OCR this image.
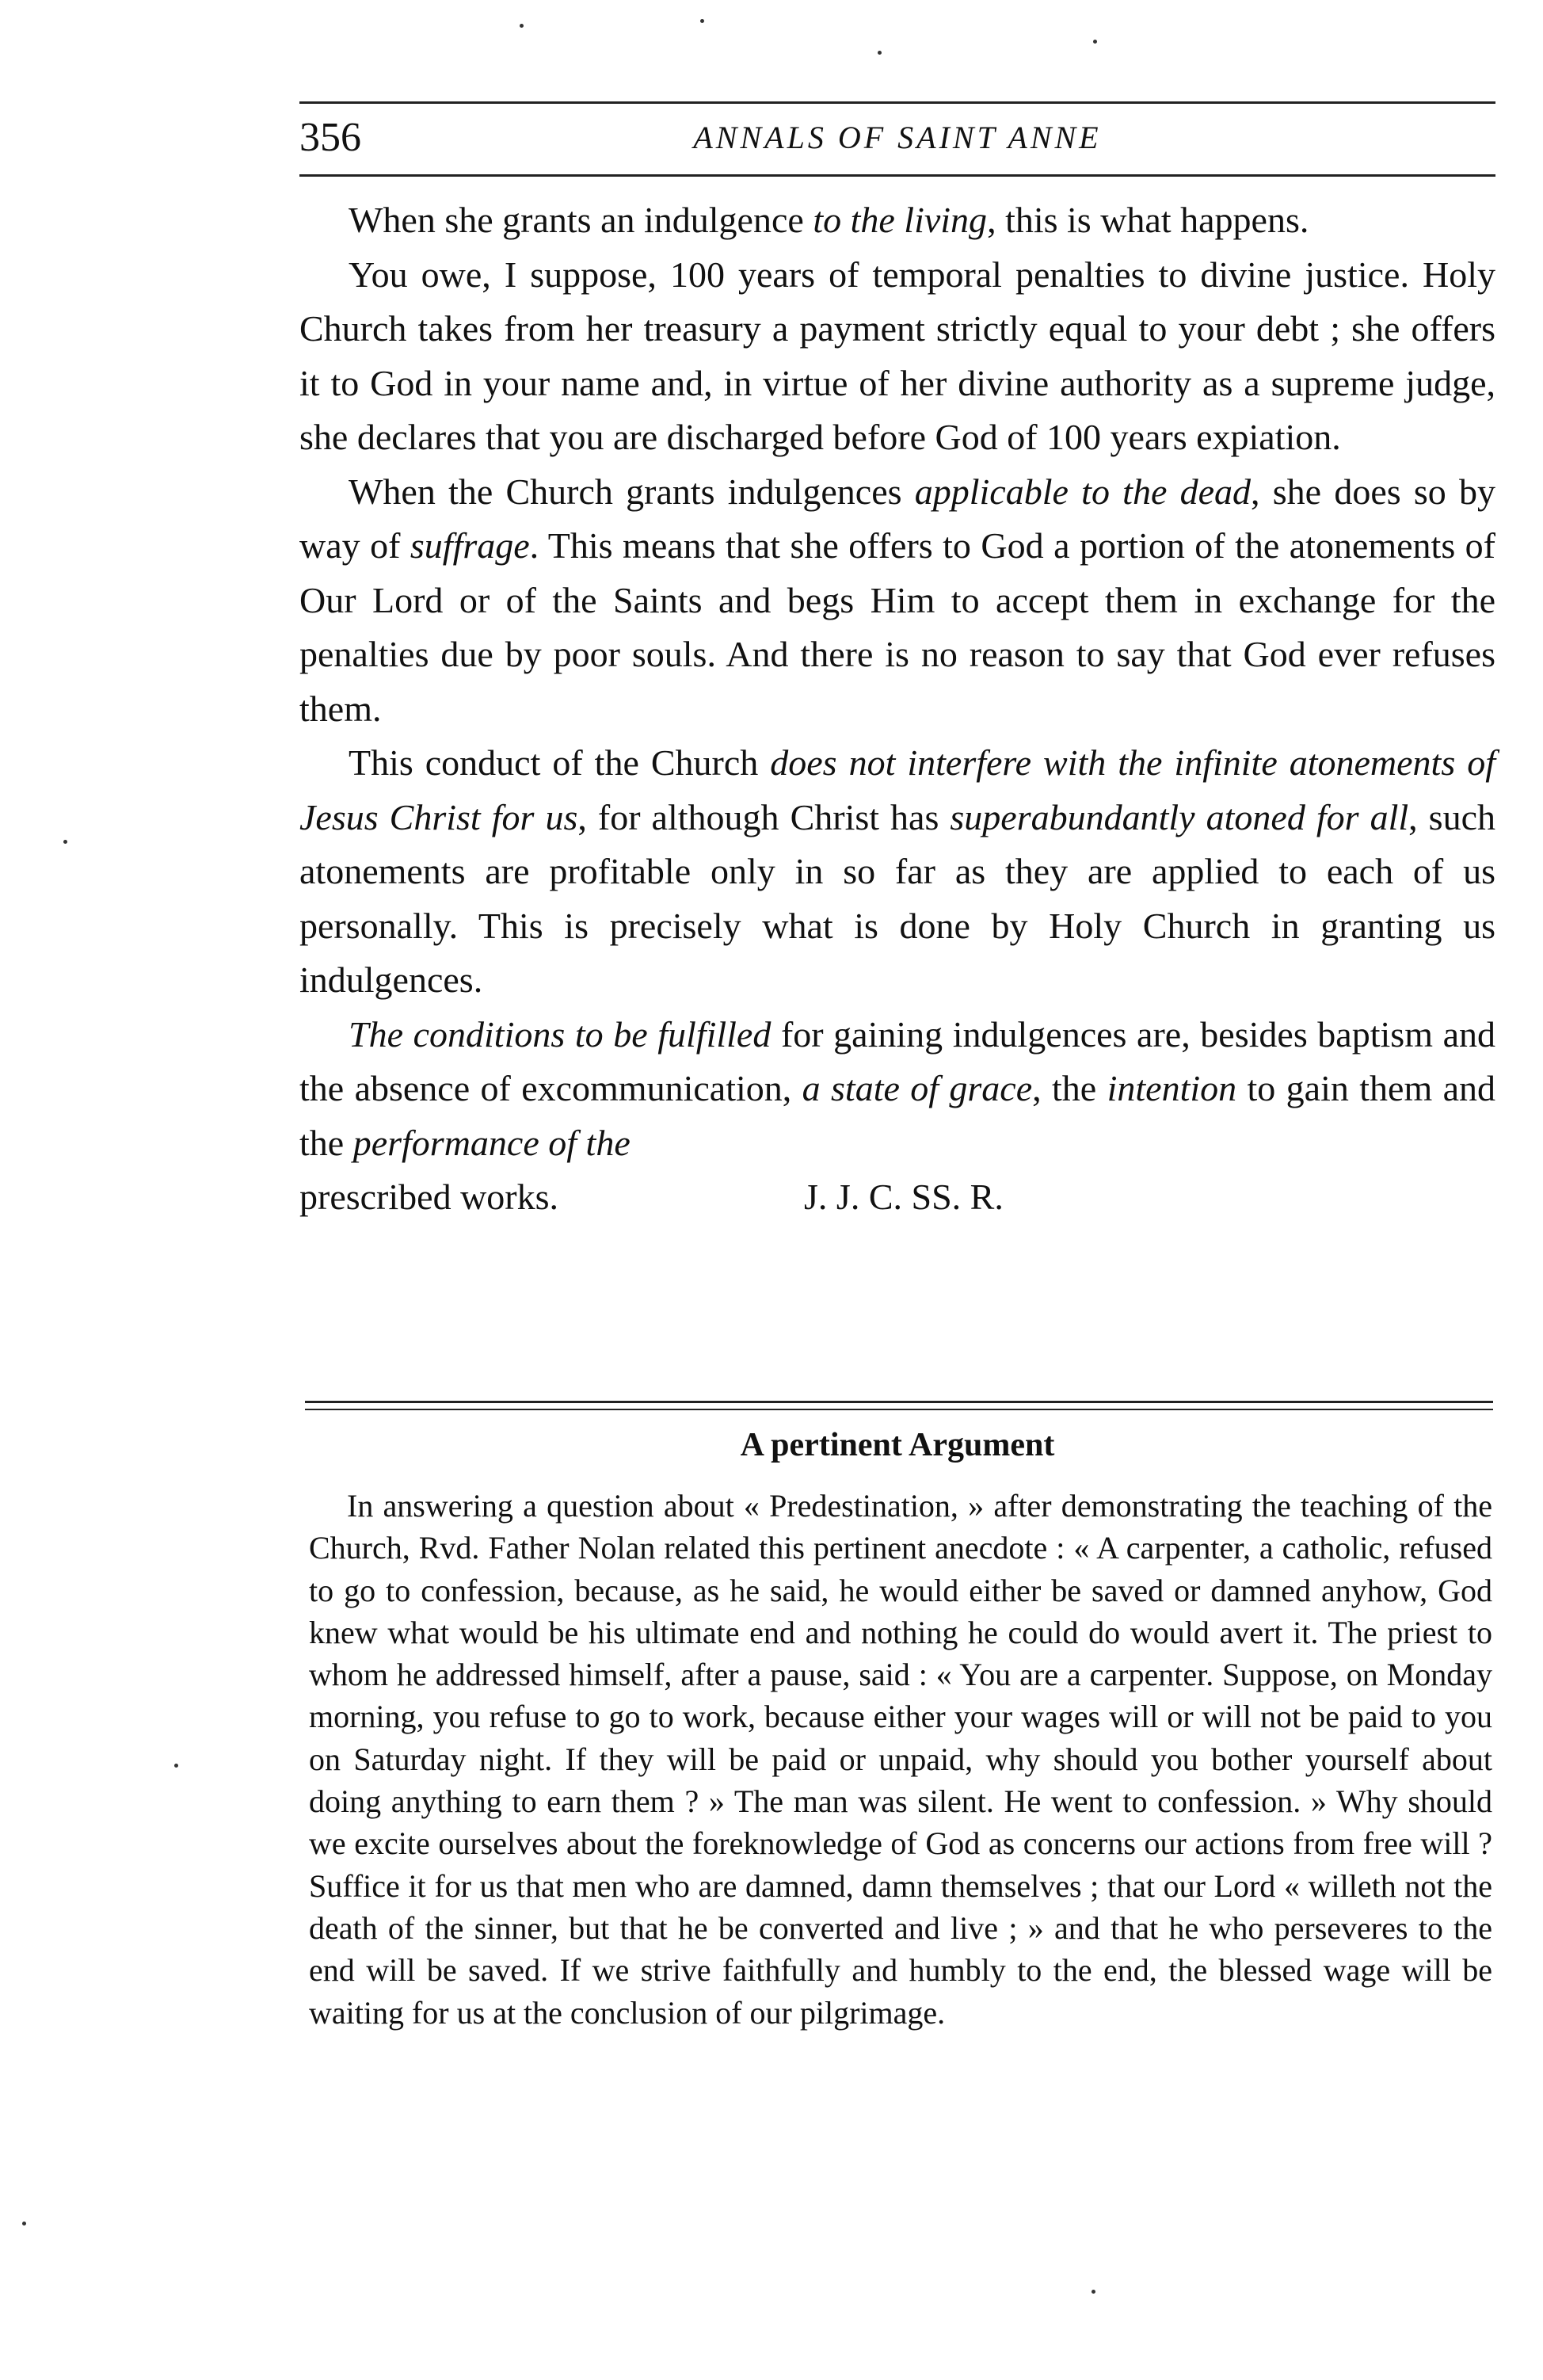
356	ANNALS OF SAINT ANNE

When she grants an indulgence to the living, this is what happens.

You owe, I suppose, 100 years of temporal penalties to divine justice. Holy Church takes from her treasury a payment strictly equal to your debt ; she offers it to God in your name and, in virtue of her divine authority as a supreme judge, she declares that you are discharged before God of 100 years expiation.

When the Church grants indulgences applicable to the dead, she does so by way of suffrage. This means that she offers to God a portion of the atonements of Our Lord or of the Saints and begs Him to accept them in exchange for the penalties due by poor souls. And there is no reason to say that God ever refuses them.

This conduct of the Church does not interfere with the infinite atonements of Jesus Christ for us, for although Christ has superabundantly atoned for all, such atonements are profitable only in so far as they are applied to each of us personally. This is precisely what is done by Holy Church in granting us indulgences.

The conditions to be fulfilled for gaining indulgences are, besides baptism and the absence of excommunication, a state of grace, the intention to gain them and the performance of the

prescribed works.	J. J. C. SS. R.

A pertinent Argument

In answering a question about « Predestination, » after demonstrating the teaching of the Church, Rvd. Father Nolan related this pertinent anecdote : « A carpenter, a catholic, refused to go to confession, because, as he said, he would either be saved or damned anyhow, God knew what would be his ultimate end and nothing he could do would avert it. The priest to whom he addressed himself, after a pause, said : « You are a carpenter. Suppose, on Monday morning, you refuse to go to work, because either your wages will or will not be paid to you on Saturday night. If they will be paid or unpaid, why should you bother yourself about doing anything to earn them ? » The man was silent. He went to confession. » Why should we excite ourselves about the foreknowledge of God as concerns our actions from free will ? Suffice it for us that men who are damned, damn themselves ; that our Lord « willeth not the death of the sinner, but that he be converted and live ; » and that he who perseveres to the end will be saved. If we strive faithfully and humbly to the end, the blessed wage will be waiting for us at the conclusion of our pilgrimage.
